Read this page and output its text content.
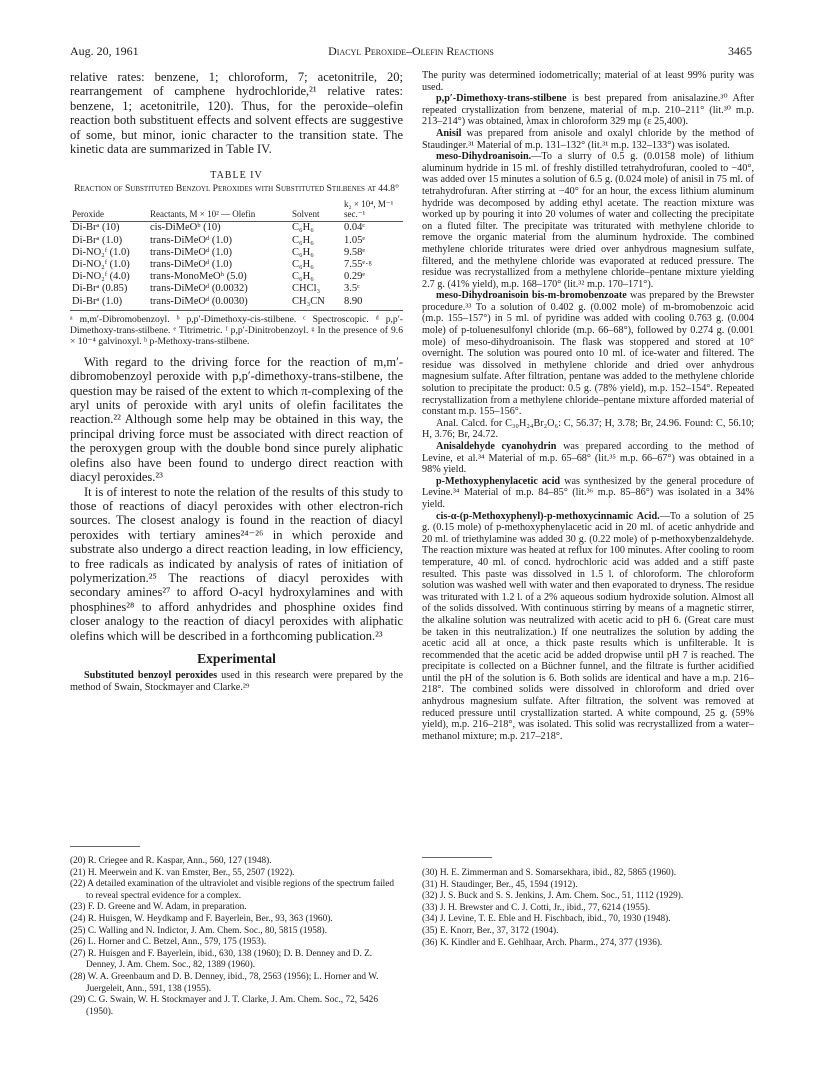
Aug. 20, 1961	Diacyl Peroxide–Olefin Reactions	3465

relative rates: benzene, 1; chloroform, 7; acetonitrile, 20; rearrangement of camphene hydrochloride,²¹ relative rates: benzene, 1; acetonitrile, 120). Thus, for the peroxide–olefin reaction both substituent effects and solvent effects are suggestive of some, but minor, ionic character to the transition state. The kinetic data are summarized in Table IV.

TABLE IV
Reaction of Substituted Benzoyl Peroxides with Substituted Stilbenes at 44.8°
Peroxide	Reactants, M × 10² — Olefin	Solvent	k₂ × 10⁴, M⁻¹ sec.⁻¹
Di-Brᵃ (10)	cis-DiMeOᵇ (10)	C₆H₆	0.04ᶜ
Di-Brᵃ (1.0)	trans-DiMeOᵈ (1.0)	C₆H₆	1.05ᵉ
Di-NO₂ᶠ (1.0)	trans-DiMeOᵈ (1.0)	C₆H₆	9.58ᵉ
Di-NO₂ᶠ (1.0)	trans-DiMeOᵈ (1.0)	C₆H₆	7.55ᵉ·ᵍ
Di-NO₂ᶠ (4.0)	trans-MonoMeOʰ (5.0)	C₆H₆	0.29ᵉ
Di-Brᵃ (0.85)	trans-DiMeOᵈ (0.0032)	CHCl₃	3.5ᶜ
Di-Brᵃ (1.0)	trans-DiMeOᵈ (0.0030)	CH₃CN	8.90

ᵃ m,m′-Dibromobenzoyl. ᵇ p,p′-Dimethoxy-cis-stilbene. ᶜ Spectroscopic. ᵈ p,p′-Dimethoxy-trans-stilbene. ᵉ Titrimetric. ᶠ p,p′-Dinitrobenzoyl. ᵍ In the presence of 9.6 × 10⁻⁴ galvinoxyl. ʰ p-Methoxy-trans-stilbene.

With regard to the driving force for the reaction of m,m′-dibromobenzoyl peroxide with p,p′-dimethoxy-trans-stilbene, the question may be raised of the extent to which π-complexing of the aryl units of peroxide with aryl units of olefin facilitates the reaction.²² Although some help may be obtained in this way, the principal driving force must be associated with direct reaction of the peroxygen group with the double bond since purely aliphatic olefins also have been found to undergo direct reaction with diacyl peroxides.²³

It is of interest to note the relation of the results of this study to those of reactions of diacyl peroxides with other electron-rich sources. The closest analogy is found in the reaction of diacyl peroxides with tertiary amines²⁴⁻²⁶ in which peroxide and substrate also undergo a direct reaction leading, in low efficiency, to free radicals as indicated by analysis of rates of initiation of polymerization.²⁵ The reactions of diacyl peroxides with secondary amines²⁷ to afford O-acyl hydroxylamines and with phosphines²⁸ to afford anhydrides and phosphine oxides find closer analogy to the reaction of diacyl peroxides with aliphatic olefins which will be described in a forthcoming publication.²³

Experimental

Substituted benzoyl peroxides used in this research were prepared by the method of Swain, Stockmayer and Clarke.²⁹

(20) R. Criegee and R. Kaspar, Ann., 560, 127 (1948).
(21) H. Meerwein and K. van Emster, Ber., 55, 2507 (1922).
(22) A detailed examination of the ultraviolet and visible regions of the spectrum failed to reveal spectral evidence for a complex.
(23) F. D. Greene and W. Adam, in preparation.
(24) R. Huisgen, W. Heydkamp and F. Bayerlein, Ber., 93, 363 (1960).
(25) C. Walling and N. Indictor, J. Am. Chem. Soc., 80, 5815 (1958).
(26) L. Horner and C. Betzel, Ann., 579, 175 (1953).
(27) R. Huisgen and F. Bayerlein, ibid., 630, 138 (1960); D. B. Denney and D. Z. Denney, J. Am. Chem. Soc., 82, 1389 (1960).
(28) W. A. Greenbaum and D. B. Denney, ibid., 78, 2563 (1956); L. Horner and W. Juergeleit, Ann., 591, 138 (1955).
(29) C. G. Swain, W. H. Stockmayer and J. T. Clarke, J. Am. Chem. Soc., 72, 5426 (1950).

The purity was determined iodometrically; material of at least 99% purity was used.

p,p′-Dimethoxy-trans-stilbene is best prepared from anisalazine.³⁰ After repeated crystallization from benzene, material of m.p. 210–211° (lit.³⁰ m.p. 213–214°) was obtained, λmax in chloroform 329 mμ (ε 25,400).

Anisil was prepared from anisole and oxalyl chloride by the method of Staudinger.³¹ Material of m.p. 131–132° (lit.³¹ m.p. 132–133°) was isolated.

meso-Dihydroanisoin.—To a slurry of 0.5 g. (0.0158 mole) of lithium aluminum hydride in 15 ml. of freshly distilled tetrahydrofuran, cooled to −40°, was added over 15 minutes a solution of 6.5 g. (0.024 mole) of anisil in 75 ml. of tetrahydrofuran. After stirring at −40° for an hour, the excess lithium aluminum hydride was decomposed by adding ethyl acetate. The reaction mixture was worked up by pouring it into 20 volumes of water and collecting the precipitate on a fluted filter. The precipitate was triturated with methylene chloride to remove the organic material from the aluminum hydroxide. The combined methylene chloride triturates were dried over anhydrous magnesium sulfate, filtered, and the methylene chloride was evaporated at reduced pressure. The residue was recrystallized from a methylene chloride–pentane mixture yielding 2.7 g. (41% yield), m.p. 168–170° (lit.³² m.p. 170–171°).

meso-Dihydroanisoin bis-m-bromobenzoate was prepared by the Brewster procedure.³³ To a solution of 0.402 g. (0.002 mole) of m-bromobenzoic acid (m.p. 155–157°) in 5 ml. of pyridine was added with cooling 0.763 g. (0.004 mole) of p-toluenesulfonyl chloride (m.p. 66–68°), followed by 0.274 g. (0.001 mole) of meso-dihydroanisoin. The flask was stoppered and stored at 10° overnight. The solution was poured onto 10 ml. of ice-water and filtered. The residue was dissolved in methylene chloride and dried over anhydrous magnesium sulfate. After filtration, pentane was added to the methylene chloride solution to precipitate the product: 0.5 g. (78% yield), m.p. 152–154°. Repeated recrystallization from a methylene chloride–pentane mixture afforded material of constant m.p. 155–156°.

Anal. Calcd. for C₃₀H₂₄Br₂O₆: C, 56.37; H, 3.78; Br, 24.96. Found: C, 56.10; H, 3.76; Br, 24.72.

Anisaldehyde cyanohydrin was prepared according to the method of Levine, et al.³⁴ Material of m.p. 65–68° (lit.³⁵ m.p. 66–67°) was obtained in a 98% yield.

p-Methoxyphenylacetic acid was synthesized by the general procedure of Levine.³⁴ Material of m.p. 84–85° (lit.³⁶ m.p. 85–86°) was isolated in a 34% yield.

cis-α-(p-Methoxyphenyl)-p-methoxycinnamic Acid.—To a solution of 25 g. (0.15 mole) of p-methoxyphenylacetic acid in 20 ml. of acetic anhydride and 20 ml. of triethylamine was added 30 g. (0.22 mole) of p-methoxybenzaldehyde. The reaction mixture was heated at reflux for 100 minutes. After cooling to room temperature, 40 ml. of concd. hydrochloric acid was added and a stiff paste resulted. This paste was dissolved in 1.5 l. of chloroform. The chloroform solution was washed well with water and then evaporated to dryness. The residue was triturated with 1.2 l. of a 2% aqueous sodium hydroxide solution. Almost all of the solids dissolved. With continuous stirring by means of a magnetic stirrer, the alkaline solution was neutralized with acetic acid to pH 6. (Great care must be taken in this neutralization.) If one neutralizes the solution by adding the acetic acid all at once, a thick paste results which is unfilterable. It is recommended that the acetic acid be added dropwise until pH 7 is reached. The precipitate is collected on a Büchner funnel, and the filtrate is further acidified until the pH of the solution is 6. Both solids are identical and have a m.p. 216–218°. The combined solids were dissolved in chloroform and dried over anhydrous magnesium sulfate. After filtration, the solvent was removed at reduced pressure until crystallization started. A white compound, 25 g. (59% yield), m.p. 216–218°, was isolated. This solid was recrystallized from a water–methanol mixture; m.p. 217–218°.

(30) H. E. Zimmerman and S. Somarsekhara, ibid., 82, 5865 (1960).
(31) H. Staudinger, Ber., 45, 1594 (1912).
(32) J. S. Buck and S. S. Jenkins, J. Am. Chem. Soc., 51, 1112 (1929).
(33) J. H. Brewster and C. J. Cotti, Jr., ibid., 77, 6214 (1955).
(34) J. Levine, T. E. Eble and H. Fischbach, ibid., 70, 1930 (1948).
(35) E. Knorr, Ber., 37, 3172 (1904).
(36) K. Kindler and E. Gehlhaar, Arch. Pharm., 274, 377 (1936).
